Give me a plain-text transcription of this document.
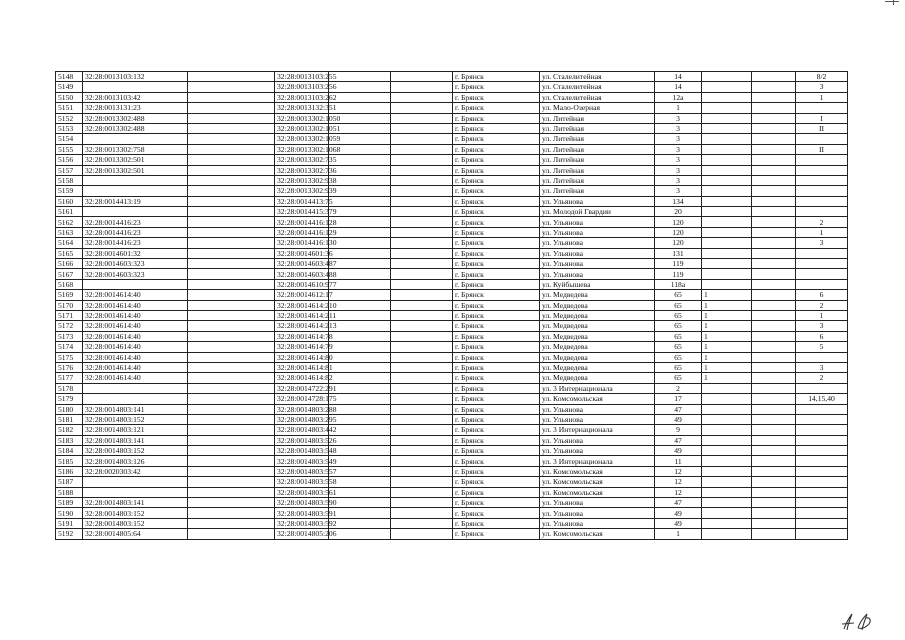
5148	32:28:0013103:132		32:28:0013103:255			г. Брянск	ул. Сталелитейная	14			8/2
5149			32:28:0013103:256			г. Брянск	ул. Сталелитейная	14			3
5150	32:28:0013103:42		32:28:0013103:262			г. Брянск	ул. Сталелитейная	12а			1
5151	32:28:0013131:23		32:28:0013132:351			г. Брянск	ул. Мало-Озерная	1			
5152	32:28:0013302:488		32:28:0013302:1050			г. Брянск	ул. Литейная	3			I
5153	32:28:0013302:488		32:28:0013302:1051			г. Брянск	ул. Литейная	3			II
5154			32:28:0013302:1059			г. Брянск	ул. Литейная	3			
5155	32:28:0013302:758		32:28:0013302:1068			г. Брянск	ул. Литейная	3			II
5156	32:28:0013302:501		32:28:0013302:735			г. Брянск	ул. Литейная	3			
5157	32:28:0013302:501		32:28:0013302:736			г. Брянск	ул. Литейная	3			
5158			32:28:0013302:938			г. Брянск	ул. Литейная	3			
5159			32:28:0013302:939			г. Брянск	ул. Литейная	3			
5160	32:28:0014413:19		32:28:0014413:75			г. Брянск	ул. Ульянова	134			
5161			32:28:0014415:379			г. Брянск	ул. Молодой Гвардии	20			
5162	32:28:0014416:23		32:28:0014416:128			г. Брянск	ул. Ульянова	120			2
5163	32:28:0014416:23		32:28:0014416:129			г. Брянск	ул. Ульянова	120			1
5164	32:28:0014416:23		32:28:0014416:130			г. Брянск	ул. Ульянова	120			3
5165	32:28:0014601:32		32:28:0014601:36			г. Брянск	ул. Ульянова	131			
5166	32:28:0014603:323		32:28:0014603:487			г. Брянск	ул. Ульянова	119			
5167	32:28:0014603:323		32:28:0014603:488			г. Брянск	ул. Ульянова	119			
5168			32:28:0014610:977			г. Брянск	ул. Куйбышева	118а			
5169	32:28:0014614:40		32:28:0014612:17			г. Брянск	ул. Медведева	65	1		6
5170	32:28:0014614:40		32:28:0014614:210			г. Брянск	ул. Медведева	65	1		2
5171	32:28:0014614:40		32:28:0014614:211			г. Брянск	ул. Медведева	65	1		1
5172	32:28:0014614:40		32:28:0014614:213			г. Брянск	ул. Медведева	65	1		3
5173	32:28:0014614:40		32:28:0014614:78			г. Брянск	ул. Медведева	65	1		6
5174	32:28:0014614:40		32:28:0014614:79			г. Брянск	ул. Медведева	65	1		5
5175	32:28:0014614:40		32:28:0014614:80			г. Брянск	ул. Медведева	65	1		
5176	32:28:0014614:40		32:28:0014614:81			г. Брянск	ул. Медведева	65	1		3
5177	32:28:0014614:40		32:28:0014614:82			г. Брянск	ул. Медведева	65	1		2
5178			32:28:0014722:291			г. Брянск	ул. 3 Интернационала	2			
5179			32:28:0014728:175			г. Брянск	ул. Комсомольская	17			14,15,40
5180	32:28:0014803:141		32:28:0014803:288			г. Брянск	ул. Ульянова	47			
5181	32:28:0014803:152		32:28:0014803:295			г. Брянск	ул. Ульянова	49			
5182	32:28:0014803:121		32:28:0014803:442			г. Брянск	ул. 3 Интернационала	9			
5183	32:28:0014803:141		32:28:0014803:526			г. Брянск	ул. Ульянова	47			
5184	32:28:0014803:152		32:28:0014803:548			г. Брянск	ул. Ульянова	49			
5185	32:28:0014803:126		32:28:0014803:549			г. Брянск	ул. 3 Интернационала	11			
5186	32:28:0020303:42		32:28:0014803:557			г. Брянск	ул. Комсомольская	12			
5187			32:28:0014803:558			г. Брянск	ул. Комсомольская	12			
5188			32:28:0014803:561			г. Брянск	ул. Комсомольская	12			
5189	32:28:0014803:141		32:28:0014803:590			г. Брянск	ул. Ульянова	47			
5190	32:28:0014803:152		32:28:0014803:591			г. Брянск	ул. Ульянова	49			
5191	32:28:0014803:152		32:28:0014803:592			г. Брянск	ул. Ульянова	49			
5192	32:28:0014805:64		32:28:0014805:206			г. Брянск	ул. Комсомольская	1			
